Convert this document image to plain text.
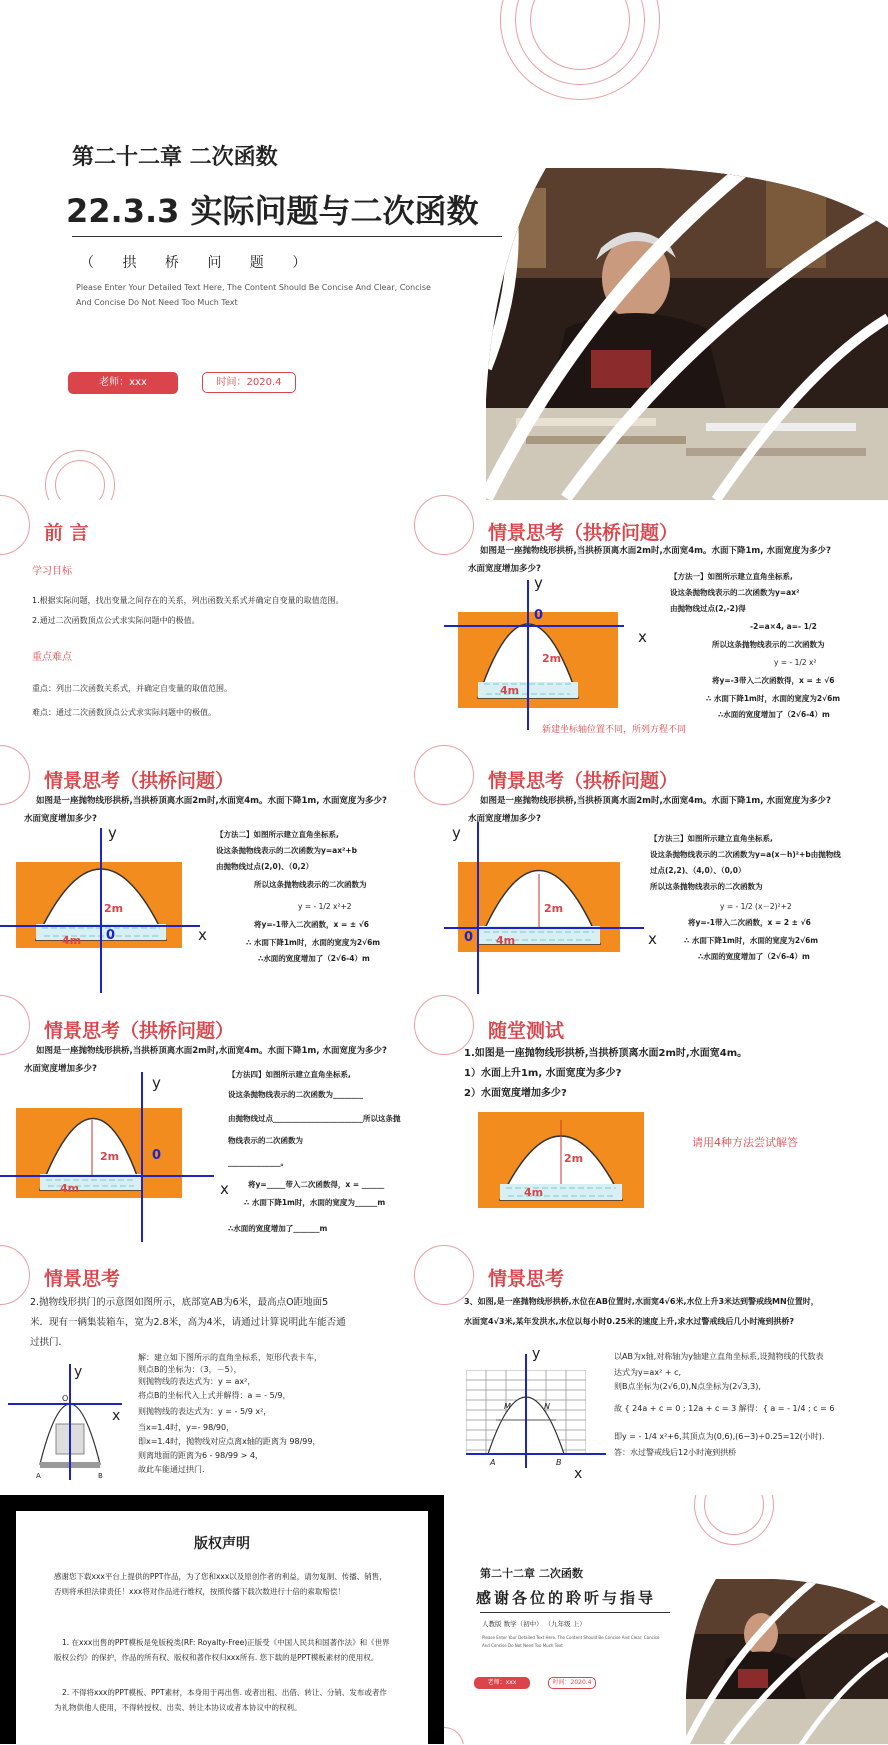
第二十二章 二次函数
22.3.3 实际问题与二次函数
（ 拱 桥 问 题 ）
Please Enter Your Detailed Text Here, The Content Should Be Concise And Clear, Concise
And Concise Do Not Need Too Much Text
老师：xxx	时间：2020.4
前 言
学习目标
1.根据实际问题，找出变量之间存在的关系，列出函数关系式并确定自变量的取值范围。
2.通过二次函数顶点公式求实际问题中的极值。
重点难点
重点：列出二次函数关系式，并确定自变量的取值范围。
难点：通过二次函数顶点公式求实际问题中的极值。
情景思考（拱桥问题）
如图是一座抛物线形拱桥,当拱桥顶离水面2m时,水面宽4m。水面下降1m, 水面宽度为多少?
水面宽度增加多少?
y
x
0
2m
4m
新建坐标轴位置不同，所列方程不同
【方法一】如图所示建立直角坐标系,
设这条抛物线表示的二次函数为y=ax²
由抛物线过点(2,-2)得
-2=a×4, a=- 1/2
所以这条抛物线表示的二次函数为
y = - 1/2 x²
将y=-3带入二次函数得，x = ± √6
∴ 水面下降1m时，水面的宽度为2√6m
∴水面的宽度增加了（2√6-4）m
情景思考（拱桥问题）
如图是一座抛物线形拱桥,当拱桥顶离水面2m时,水面宽4m。水面下降1m, 水面宽度为多少?
水面宽度增加多少?
y
x
0
2m
4m
【方法二】如图所示建立直角坐标系,
设这条抛物线表示的二次函数为y=ax²+b
由抛物线过点(2,0)、（0,2）
所以这条抛物线表示的二次函数为
y = - 1/2 x²+2
将y=-1带入二次函数，x = ± √6
∴ 水面下降1m时，水面的宽度为2√6m
∴水面的宽度增加了（2√6-4）m
情景思考（拱桥问题）
如图是一座抛物线形拱桥,当拱桥顶离水面2m时,水面宽4m。水面下降1m, 水面宽度为多少?
水面宽度增加多少?
y
x
0
2m
4m
【方法三】如图所示建立直角坐标系,
设这条抛物线表示的二次函数为y=a(x－h)²+b由抛物线
过点(2,2)、（4,0）、（0,0）
所以这条抛物线表示的二次函数为
y = - 1/2 (x－2)²+2
将y=-1带入二次函数，x = 2 ± √6
∴ 水面下降1m时，水面的宽度为2√6m
∴水面的宽度增加了（2√6-4）m
情景思考（拱桥问题）
如图是一座抛物线形拱桥,当拱桥顶离水面2m时,水面宽4m。水面下降1m, 水面宽度为多少?
水面宽度增加多少?
y
x
0
2m
4m
【方法四】如图所示建立直角坐标系,
设这条抛物线表示的二次函数为________
由抛物线过点________________________所以这条抛
物线表示的二次函数为
______________。
将y=_____带入二次函数得，x = ______
∴ 水面下降1m时，水面的宽度为______m
∴水面的宽度增加了_______m
随堂测试
1.如图是一座抛物线形拱桥,当拱桥顶离水面2m时,水面宽4m。
1）水面上升1m, 水面宽度为多少?
2）水面宽度增加多少?
2m
4m
请用4种方法尝试解答
情景思考
2.抛物线形拱门的示意图如图所示，底部宽AB为6米，最高点O距地面5
米．现有一辆集装箱车，宽为2.8米，高为4米，请通过计算说明此车能否通
过拱门．
y
x
O
A	B
解：建立如下图所示的直角坐标系，矩形代表卡车，
则点B的坐标为：（3，－5），
则抛物线的表达式为：y = ax²，
将点B的坐标代入上式并解得：a = - 5/9，
则抛物线的表达式为：y = - 5/9 x²，
当x=1.4时，y=- 98/90，
即x=1.4时，抛物线对应点离x轴的距离为 98/99，
则离地面的距离为6 - 98/99 > 4，
故此车能通过拱门.
情景思考
3、如图,是一座抛物线形拱桥,水位在AB位置时,水面宽4√6米,水位上升3米达到警戒线MN位置时，
水面宽4√3米,某年发洪水,水位以每小时0.25米的速度上升,求水过警戒线后几小时淹到拱桥?
y
x
M	N
A	B
以AB为x轴,对称轴为y轴建立直角坐标系,设抛物线的代数表
达式为y=ax² + c,
则B点坐标为(2√6,0),N点坐标为(2√3,3),
故 { 24a + c = 0 ; 12a + c = 3 解得：{ a = - 1/4 ; c = 6
即y = - 1/4 x²+6,其顶点为(0,6),(6−3)÷0.25=12(小时).
答：水过警戒线后12小时淹到拱桥
版权声明
感谢您下载xxx平台上提供的PPT作品，为了您和xxx以及原创作者的利益，请勿复制、传播、销售，否则将承担法律责任！xxx将对作品进行维权，按照传播下载次数进行十倍的索取赔偿！
1. 在xxx出售的PPT模板是免版税类(RF: Royalty-Free)正版受《中国人民共和国著作法》和《世界版权公约》的保护，作品的所有权、版权和著作权归xxx所有. 您下载的是PPT模板素材的使用权。
2. 不得将xxx的PPT模板、PPT素材，本身用于再出售. 或者出租、出借、转让、分销、发布或者作为礼物供他人使用，不得转授权、出卖、转让本协议或者本协议中的权利。
第二十二章 二次函数
感谢各位的聆听与指导
人教版 数学（初中） （九年级 上）
Please Enter Your Detailed Text Here, The Content Should Be Concise And Clear, Concise
And Concise Do Not Need Too Much Text
老师：xxx	时间：2020.4
